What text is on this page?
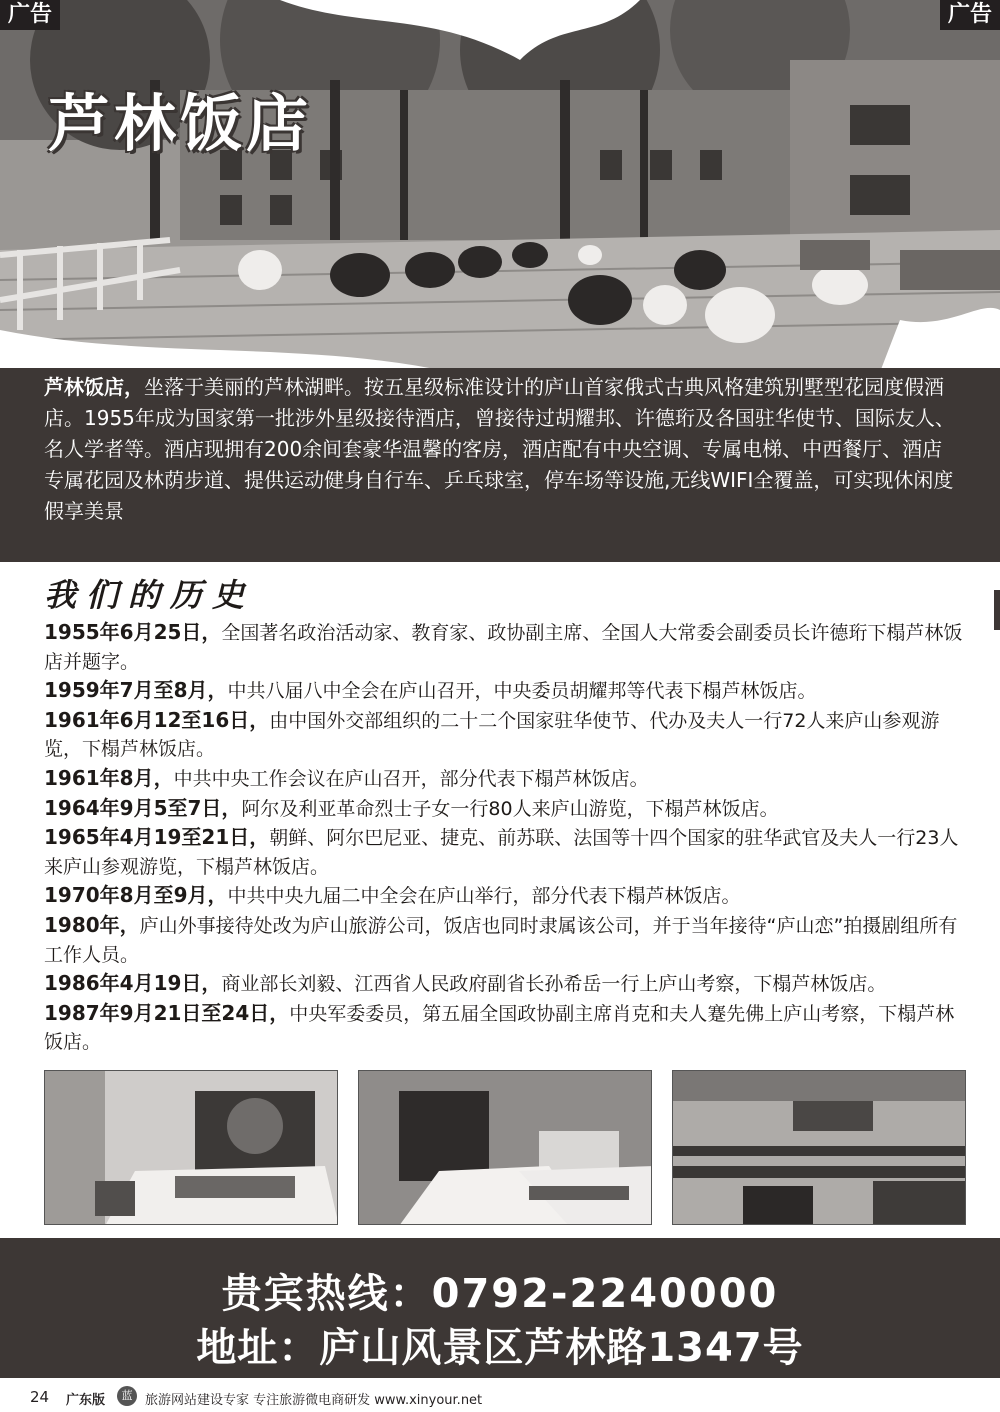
广告	广告
芦林饭店
芦林饭店，坐落于美丽的芦林湖畔。按五星级标准设计的庐山首家俄式古典风格建筑别墅型花园度假酒店。1955年成为国家第一批涉外星级接待酒店，曾接待过胡耀邦、许德珩及各国驻华使节、国际友人、名人学者等。酒店现拥有200余间套豪华温馨的客房，酒店配有中央空调、专属电梯、中西餐厅、酒店专属花园及林荫步道、提供运动健身自行车、乒乓球室，停车场等设施,无线WIFI全覆盖，可实现休闲度假享美景
我们的历史

1955年6月25日，全国著名政治活动家、教育家、政协副主席、全国人大常委会副委员长许德珩下榻芦林饭店并题字。

1959年7月至8月，中共八届八中全会在庐山召开，中央委员胡耀邦等代表下榻芦林饭店。

1961年6月12至16日，由中国外交部组织的二十二个国家驻华使节、代办及夫人一行72人来庐山参观游览，下榻芦林饭店。

1961年8月，中共中央工作会议在庐山召开，部分代表下榻芦林饭店。

1964年9月5至7日，阿尔及利亚革命烈士子女一行80人来庐山游览，下榻芦林饭店。

1965年4月19至21日，朝鲜、阿尔巴尼亚、捷克、前苏联、法国等十四个国家的驻华武官及夫人一行23人来庐山参观游览，下榻芦林饭店。

1970年8月至9月，中共中央九届二中全会在庐山举行，部分代表下榻芦林饭店。

1980年，庐山外事接待处改为庐山旅游公司，饭店也同时隶属该公司，并于当年接待“庐山恋”拍摄剧组所有工作人员。

1986年4月19日，商业部长刘毅、江西省人民政府副省长孙希岳一行上庐山考察，下榻芦林饭店。

1987年9月21日至24日，中央军委委员，第五届全国政协副主席肖克和夫人蹇先佛上庐山考察，下榻芦林饭店。

贵宾热线：0792-2240000
地址：庐山风景区芦林路1347号
24 广东版	蓝 旅游网站建设专家 专注旅游微电商研发 www.xinyour.net
